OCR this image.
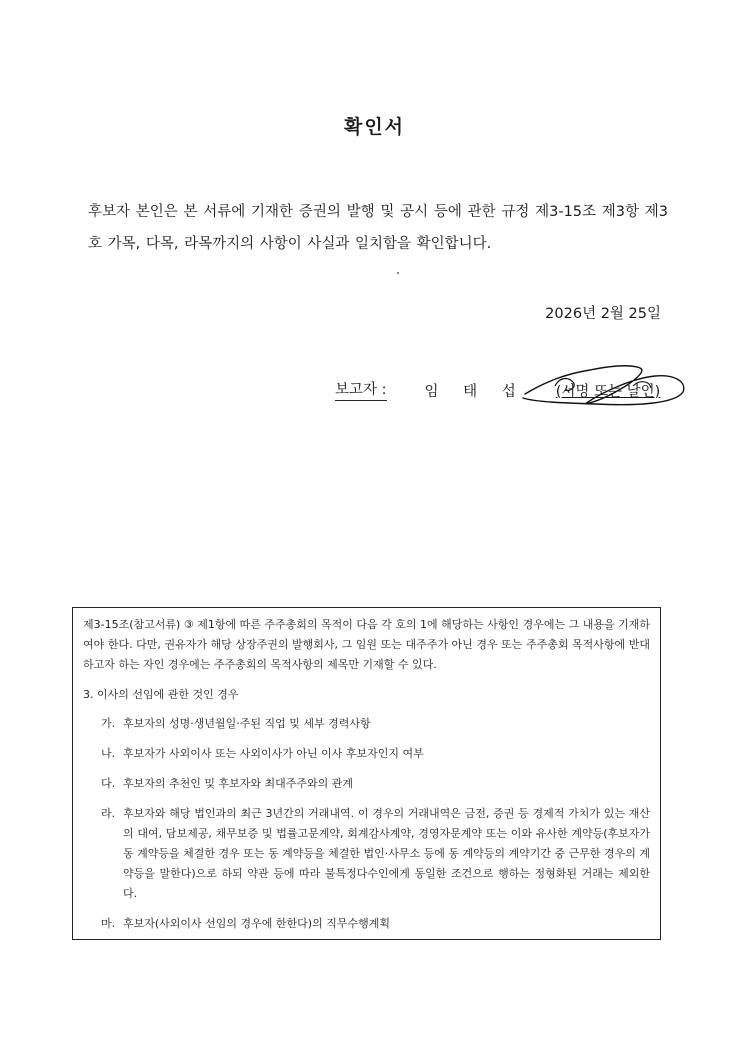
확인서
후보자 본인은 본 서류에 기재한 증권의 발행 및 공시 등에 관한 규정 제3-15조 제3항 제3호 가목, 다목, 라목까지의 사항이 사실과 일치함을 확인합니다.
2026년 2월 25일
보고자 :	임 태 섭 (서명 또는 날인)

제3-15조(참고서류) ③ 제1항에 따른 주주총회의 목적이 다음 각 호의 1에 해당하는 사항인 경우에는 그 내용을 기재하여야 한다. 다만, 권유자가 해당 상장주권의 발행회사, 그 임원 또는 대주주가 아닌 경우 또는 주주총회 목적사항에 반대하고자 하는 자인 경우에는 주주총회의 목적사항의 제목만 기재할 수 있다.

3. 이사의 선임에 관한 것인 경우

가. 후보자의 성명·생년월일·주된 직업 및 세부 경력사항
나. 후보자가 사외이사 또는 사외이사가 아닌 이사 후보자인지 여부
다. 후보자의 추천인 및 후보자와 최대주주와의 관계
라. 후보자와 해당 법인과의 최근 3년간의 거래내역. 이 경우의 거래내역은 금전, 증권 등 경제적 가치가 있는 재산의 대여, 담보제공, 채무보증 및 법률고문계약, 회계감사계약, 경영자문계약 또는 이와 유사한 계약등(후보자가 동 계약등을 체결한 경우 또는 동 계약등을 체결한 법인·사무소 등에 동 계약등의 계약기간 중 근무한 경우의 계약등을 말한다)으로 하되 약관 등에 따라 불특정다수인에게 동일한 조건으로 행하는 정형화된 거래는 제외한다.
마. 후보자(사외이사 선임의 경우에 한한다)의 직무수행계획
